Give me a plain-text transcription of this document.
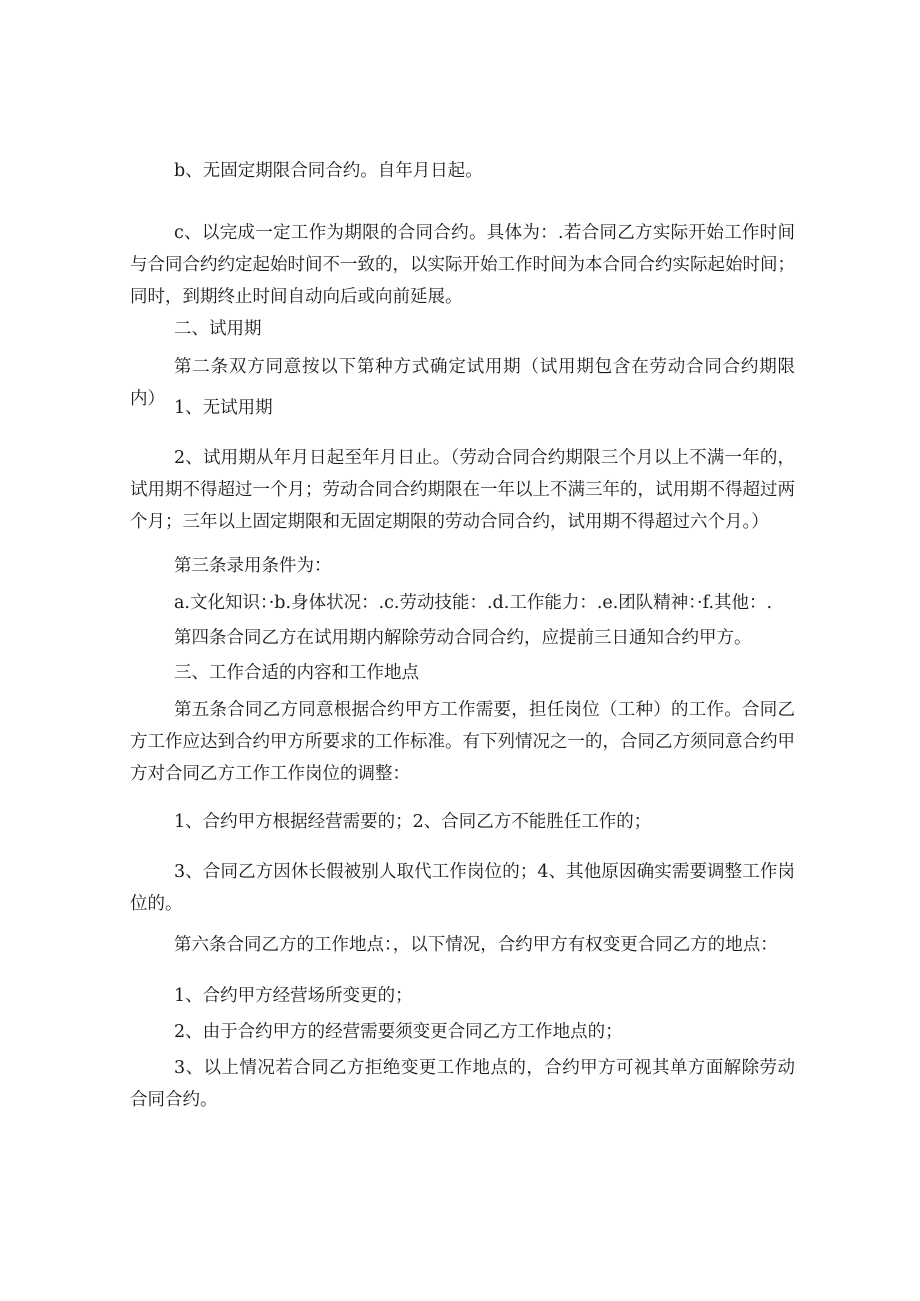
b、无固定期限合同合约。自年月日起。

c、以完成一定工作为期限的合同合约。具体为：.若合同乙方实际开始工作时间与合同合约约定起始时间不一致的，以实际开始工作时间为本合同合约实际起始时间；同时，到期终止时间自动向后或向前延展。

二、试用期

第二条双方同意按以下第种方式确定试用期（试用期包含在劳动合同合约期限内） 1、无试用期

2、试用期从年月日起至年月日止。（劳动合同合约期限三个月以上不满一年的，试用期不得超过一个月；劳动合同合约期限在一年以上不满三年的，试用期不得超过两个月；三年以上固定期限和无固定期限的劳动合同合约，试用期不得超过六个月。）

第三条录用条件为：

a.文化知识：·b.身体状况：.c.劳动技能：.d.工作能力：.e.团队精神：·f.其他：.

第四条合同乙方在试用期内解除劳动合同合约，应提前三日通知合约甲方。

三、工作合适的内容和工作地点

第五条合同乙方同意根据合约甲方工作需要，担任岗位（工种）的工作。合同乙方工作应达到合约甲方所要求的工作标准。有下列情况之一的，合同乙方须同意合约甲方对合同乙方工作工作岗位的调整：

1、合约甲方根据经营需要的；2、合同乙方不能胜任工作的；

3、合同乙方因休长假被别人取代工作岗位的；4、其他原因确实需要调整工作岗位的。

第六条合同乙方的工作地点：，以下情况，合约甲方有权变更合同乙方的地点：

1、合约甲方经营场所变更的；

2、由于合约甲方的经营需要须变更合同乙方工作地点的；

3、以上情况若合同乙方拒绝变更工作地点的，合约甲方可视其单方面解除劳动合同合约。
